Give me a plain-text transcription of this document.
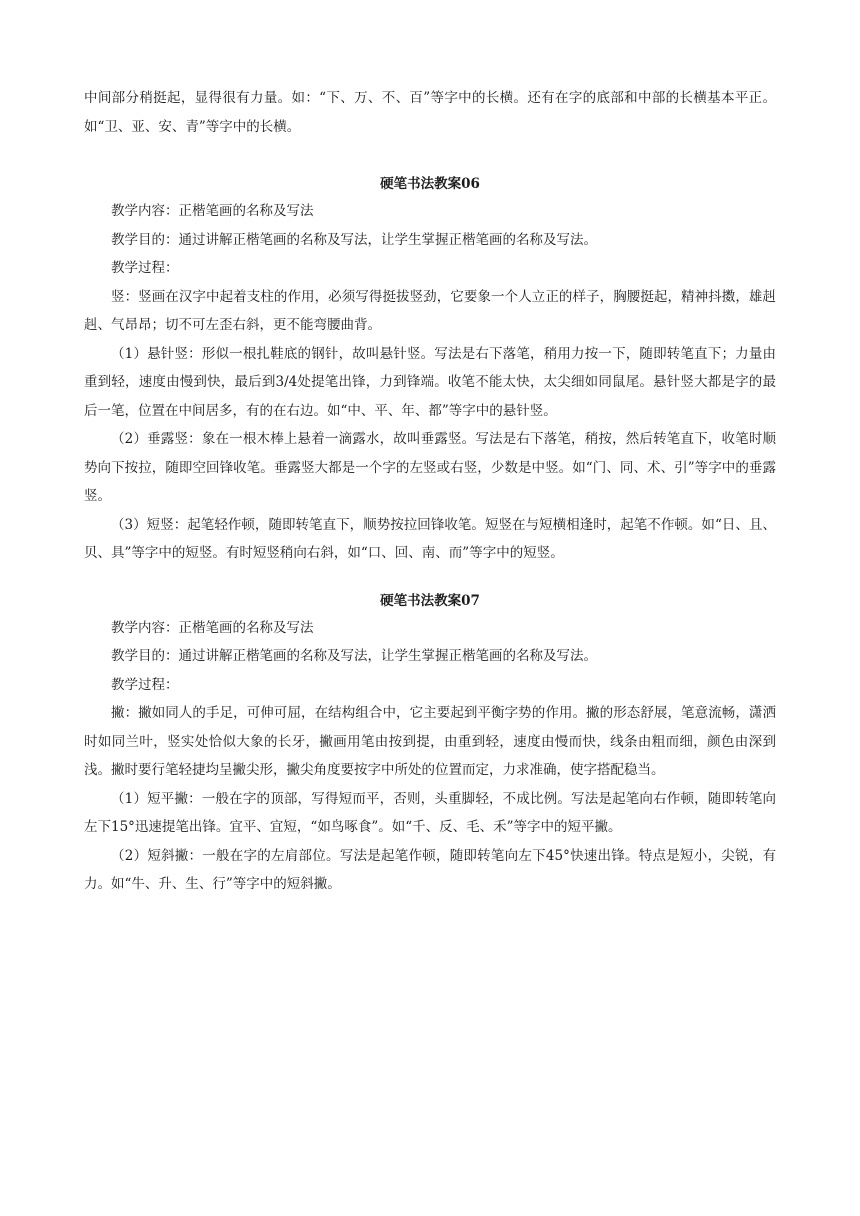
中间部分稍挺起，显得很有力量。如：“下、万、不、百”等字中的长横。还有在字的底部和中部的长横基本平正。如“卫、亚、安、青”等字中的长横。

硬笔书法教案06

教学内容：正楷笔画的名称及写法

教学目的：通过讲解正楷笔画的名称及写法，让学生掌握正楷笔画的名称及写法。

教学过程：

竖：竖画在汉字中起着支柱的作用，必须写得挺拔竖劲，它要象一个人立正的样子，胸腰挺起，精神抖擞，雄赳赳、气昂昂；切不可左歪右斜，更不能弯腰曲背。

（1）悬针竖：形似一根扎鞋底的钢针，故叫悬针竖。写法是右下落笔，稍用力按一下，随即转笔直下；力量由重到轻，速度由慢到快，最后到3/4处提笔出锋，力到锋端。收笔不能太快，太尖细如同鼠尾。悬针竖大都是字的最后一笔，位置在中间居多，有的在右边。如“中、平、年、都”等字中的悬针竖。

（2）垂露竖：象在一根木棒上悬着一滴露水，故叫垂露竖。写法是右下落笔，稍按，然后转笔直下，收笔时顺势向下按拉，随即空回锋收笔。垂露竖大都是一个字的左竖或右竖，少数是中竖。如“门、同、术、引”等字中的垂露竖。

（3）短竖：起笔轻作顿，随即转笔直下，顺势按拉回锋收笔。短竖在与短横相逢时，起笔不作顿。如“日、且、贝、具”等字中的短竖。有时短竖稍向右斜，如“口、回、南、而”等字中的短竖。

硬笔书法教案07

教学内容：正楷笔画的名称及写法

教学目的：通过讲解正楷笔画的名称及写法，让学生掌握正楷笔画的名称及写法。

教学过程：

撇：撇如同人的手足，可伸可屈，在结构组合中，它主要起到平衡字势的作用。撇的形态舒展，笔意流畅，潇洒时如同兰叶，竖实处恰似大象的长牙，撇画用笔由按到提，由重到轻，速度由慢而快，线条由粗而细，颜色由深到浅。撇时要行笔轻捷均呈撇尖形，撇尖角度要按字中所处的位置而定，力求准确，使字搭配稳当。

（1）短平撇：一般在字的顶部，写得短而平，否则，头重脚轻，不成比例。写法是起笔向右作顿，随即转笔向左下15°迅速提笔出锋。宜平、宜短，“如鸟啄食”。如“千、反、毛、禾”等字中的短平撇。

（2）短斜撇：一般在字的左肩部位。写法是起笔作顿，随即转笔向左下45°快速出锋。特点是短小，尖锐，有力。如“牛、升、生、行”等字中的短斜撇。
